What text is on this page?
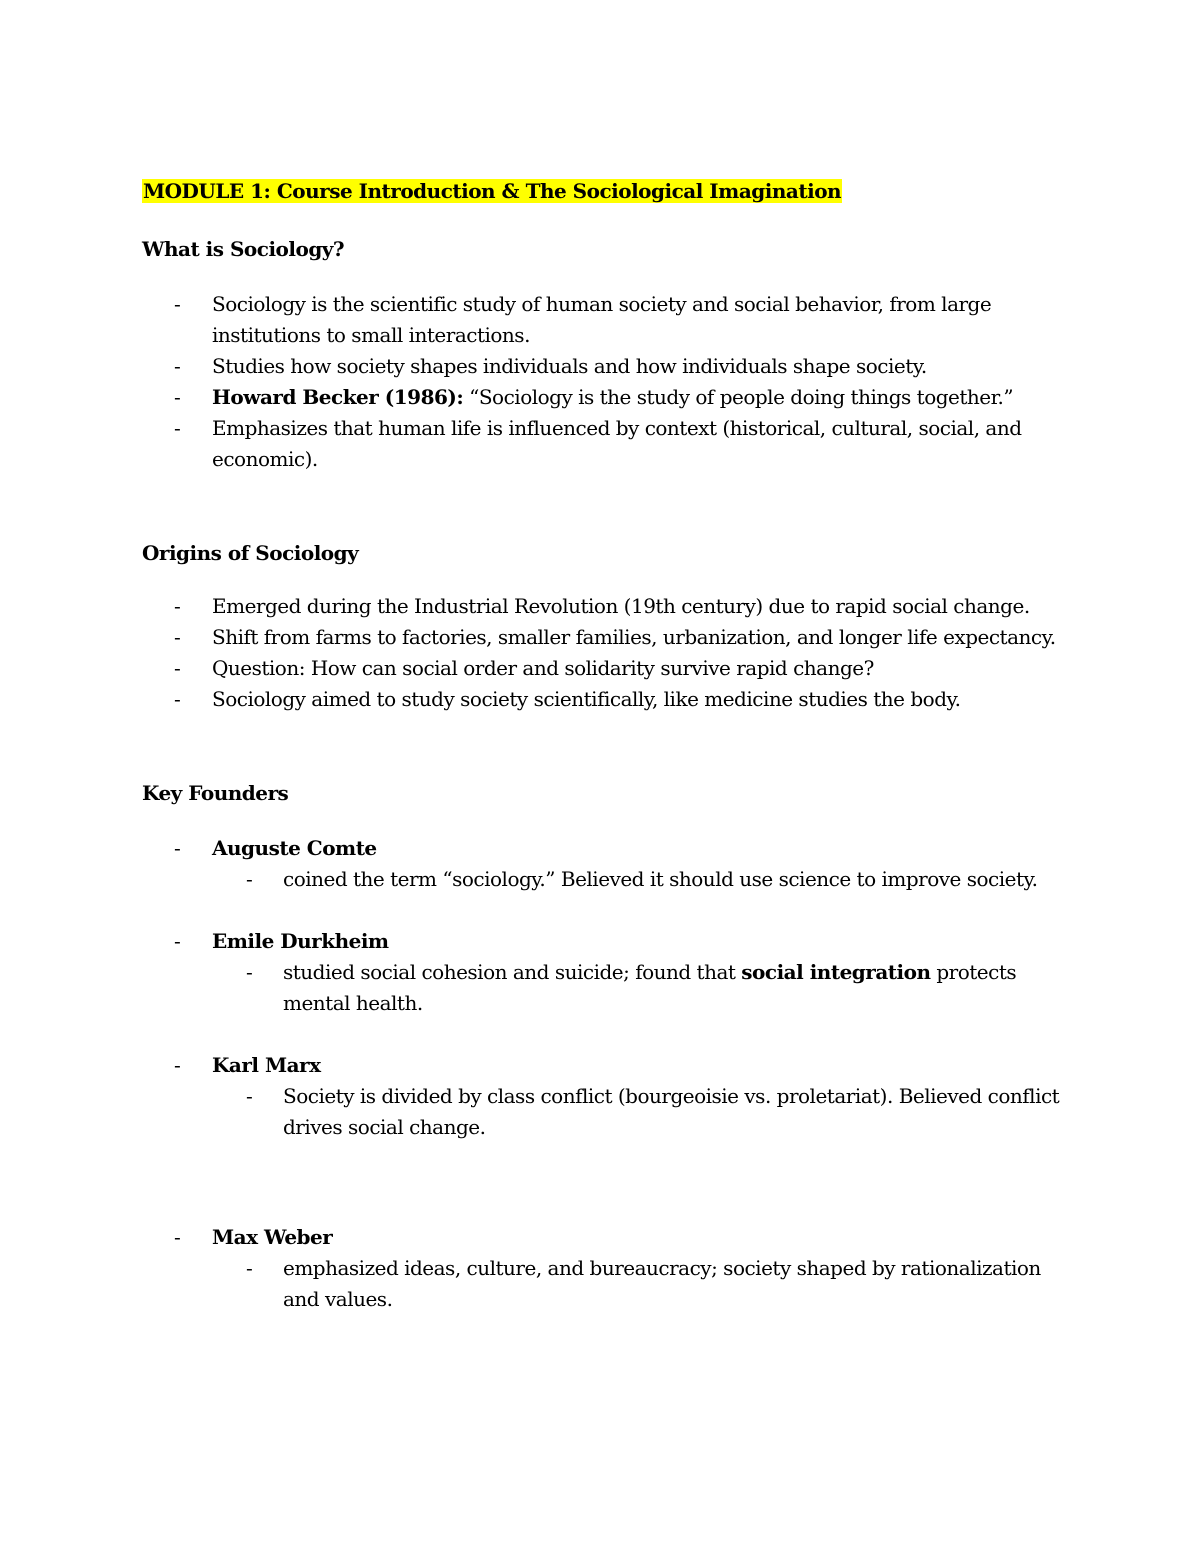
MODULE 1: Course Introduction & The Sociological Imagination
What is Sociology?
- Sociology is the scientific study of human society and social behavior, from large institutions to small interactions.
- Studies how society shapes individuals and how individuals shape society.
- Howard Becker (1986): “Sociology is the study of people doing things together.”
- Emphasizes that human life is influenced by context (historical, cultural, social, and economic).
Origins of Sociology
- Emerged during the Industrial Revolution (19th century) due to rapid social change.
- Shift from farms to factories, smaller families, urbanization, and longer life expectancy.
- Question: How can social order and solidarity survive rapid change?
- Sociology aimed to study society scientifically, like medicine studies the body.
Key Founders
- Auguste Comte
- coined the term “sociology.” Believed it should use science to improve society.
- Emile Durkheim
- studied social cohesion and suicide; found that social integration protects mental health.
- Karl Marx
- Society is divided by class conflict (bourgeoisie vs. proletariat). Believed conflict drives social change.
- Max Weber
- emphasized ideas, culture, and bureaucracy; society shaped by rationalization and values.
